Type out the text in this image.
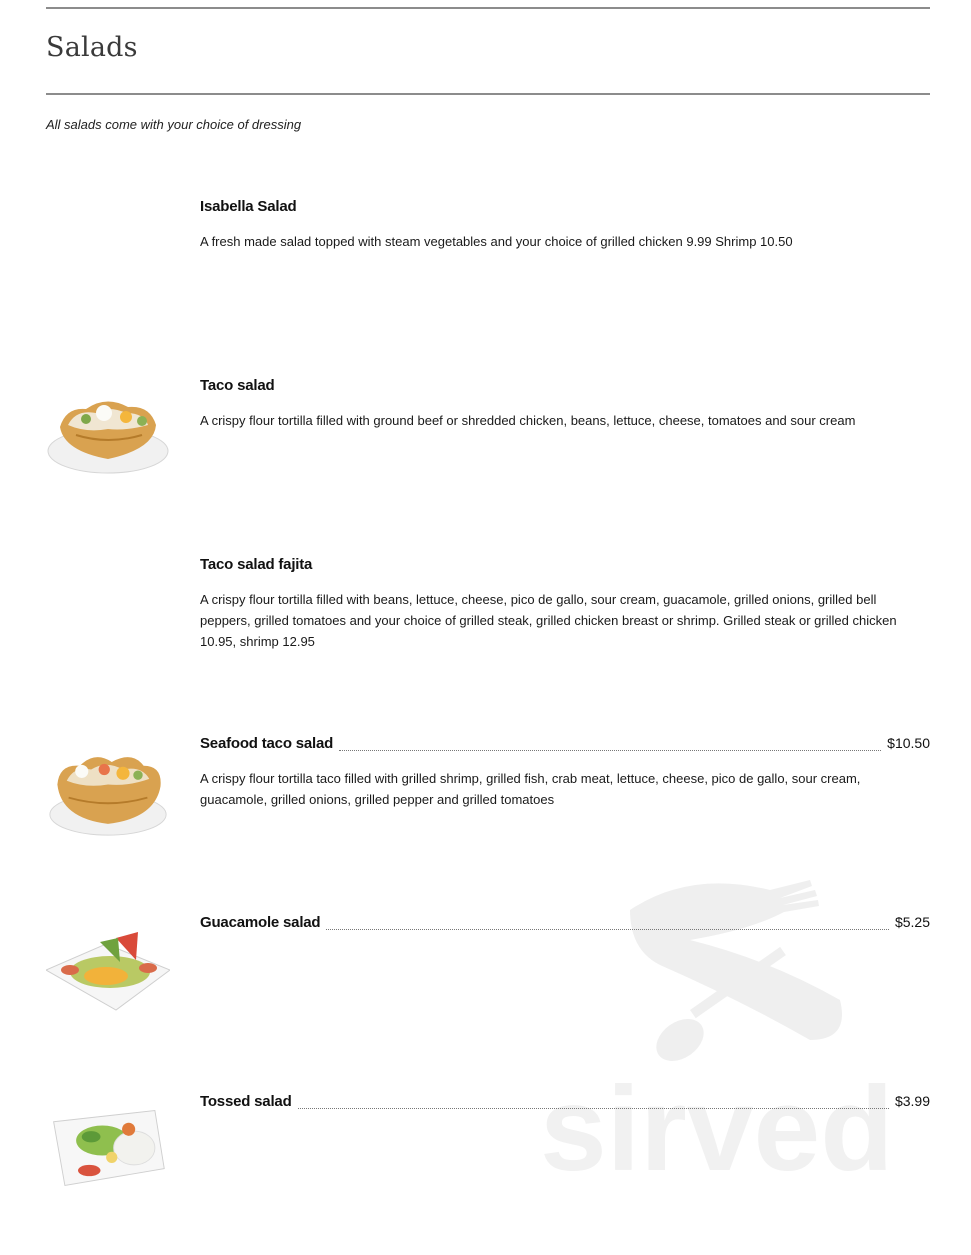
Salads

All salads come with your choice of dressing

sirved
Isabella Salad

A fresh made salad topped with steam vegetables and your choice of grilled chicken 9.99 Shrimp 10.50

Taco salad

A crispy flour tortilla filled with ground beef or shredded chicken, beans, lettuce, cheese, tomatoes and sour cream

Taco salad fajita

A crispy flour tortilla filled with beans, lettuce, cheese, pico de gallo, sour cream, guacamole, grilled onions, grilled bell peppers, grilled tomatoes and your choice of grilled steak, grilled chicken breast or shrimp. Grilled steak or grilled chicken 10.95, shrimp 12.95

Seafood taco salad	$10.50

A crispy flour tortilla taco filled with grilled shrimp, grilled fish, crab meat, lettuce, cheese, pico de gallo, sour cream, guacamole, grilled onions, grilled pepper and grilled tomatoes

Guacamole salad	$5.25
Tossed salad	$3.99
